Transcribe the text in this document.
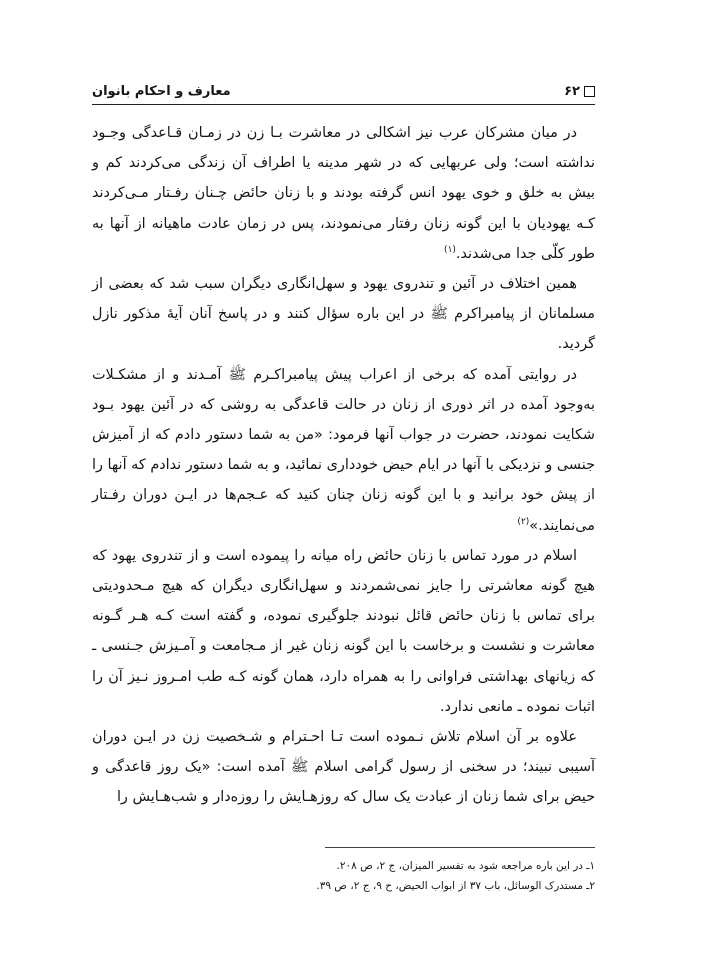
۶۲
معارف و احکام بانوان

در میان مشرکان عرب نیز اشکالی در معاشرت بـا زن در زمـان قـاعدگی وجـود نداشته است؛ ولی عربهایی که در شهر مدینه یا اطراف آن زندگی می‌کردند کم و بیش به خلق و خوی یهود انس گرفته بودند و با زنان حائض چـنان رفـتار مـی‌کردند کـه یهودیان با این گونه زنان رفتار می‌نمودند، پس در زمان عادت ماهیانه از آنها به طور کلّی جدا می‌شدند.$^{(۱)}$

همین اختلاف در آئین و تندروی یهود و سهل‌انگاری دیگران سبب شد که بعضی از مسلمانان از پیامبراکرم ﷺ در این باره سؤال کنند و در پاسخ آنان آیهٔ مذکور نازل گردید.

در روایتی آمده که برخی از اعراب پیش پیامبراکـرم ﷺ آمـدند و از مشکـلات به‌وجود آمده در اثر دوری از زنان در حالت قاعدگی به روشی که در آئین یهود بـود شکایت نمودند، حضرت در جواب آنها فرمود: «من به شما دستور دادم که از آمیزش جنسی و نزدیکی با آنها در ایام حیض خودداری نمائید، و به شما دستور ندادم که آنها را از پیش خود برانید و با این گونه زنان چنان کنید که عـجم‌ها در ایـن دوران رفـتار می‌نمایند.»$^{(۲)}$

اسلام در مورد تماس با زنان حائض راه میانه را پیموده است و از تندروی یهود که هیچ گونه معاشرتی را جایز نمی‌شمردند و سهل‌انگاری دیگران که هیچ مـحدودیتی برای تماس با زنان حائض قائل نبودند جلوگیری نموده، و گفته است کـه هـر گـونه معاشرت و نشست و برخاست با این گونه زنان غیر از مـجامعت و آمـیزش جـنسی ـ که زیانهای بهداشتی فراوانی را به همراه دارد، همان گونه کـه طب امـروز نـیز آن را اثبات نموده ـ مانعی ندارد.

علاوه بر آن اسلام تلاش نـموده است تـا احـترام و شـخصیت زن در ایـن دوران آسیبی نبیند؛ در سخنی از رسول گرامی اسلام ﷺ آمده است: «یک روز قاعدگی و حیض برای شما زنان از عبادت یک سال که روزهـایش را روزه‌دار و شب‌هـایش را

۱ـ در این باره مراجعه شود به تفسیر المیزان، ج ۲، ص ۲۰۸.
۲ـ مستدرک الوسائل، باب ۳۷ از ابواب الحیض، ح ۹، ج ۲، ص ۳۹.
